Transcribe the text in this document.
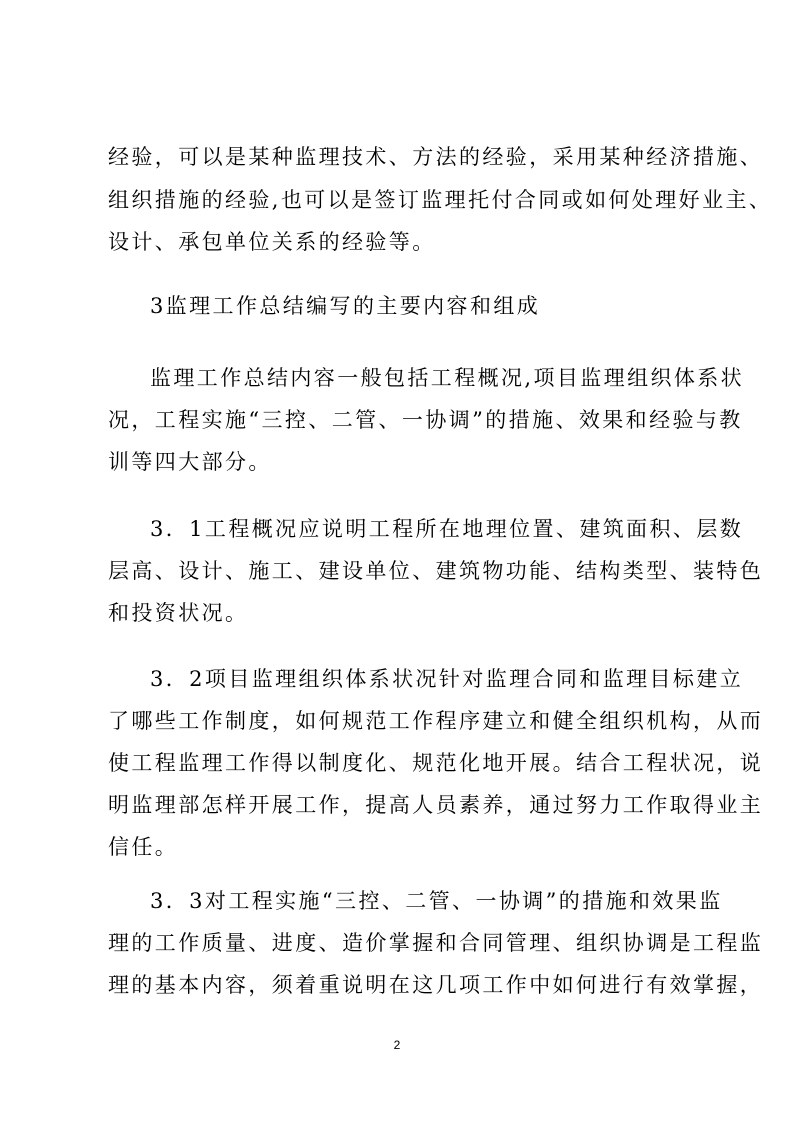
经验，可以是某种监理技术、方法的经验，采用某种经济措施、
组织措施的经验,也可以是签订监理托付合同或如何处理好业主、
设计、承包单位关系的经验等。
3监理工作总结编写的主要内容和组成
监理工作总结内容一般包括工程概况,项目监理组织体系状
况，工程实施“三控、二管、一协调”的措施、效果和经验与教
训等四大部分。
3．1工程概况应说明工程所在地理位置、建筑面积、层数
层高、设计、施工、建设单位、建筑物功能、结构类型、装特色
和投资状况。
3．2项目监理组织体系状况针对监理合同和监理目标建立
了哪些工作制度，如何规范工作程序建立和健全组织机构，从而
使工程监理工作得以制度化、规范化地开展。结合工程状况，说
明监理部怎样开展工作，提高人员素养，通过努力工作取得业主
信任。
3．3对工程实施“三控、二管、一协调”的措施和效果监
理的工作质量、进度、造价掌握和合同管理、组织协调是工程监
理的基本内容，须着重说明在这几项工作中如何进行有效掌握，
2
